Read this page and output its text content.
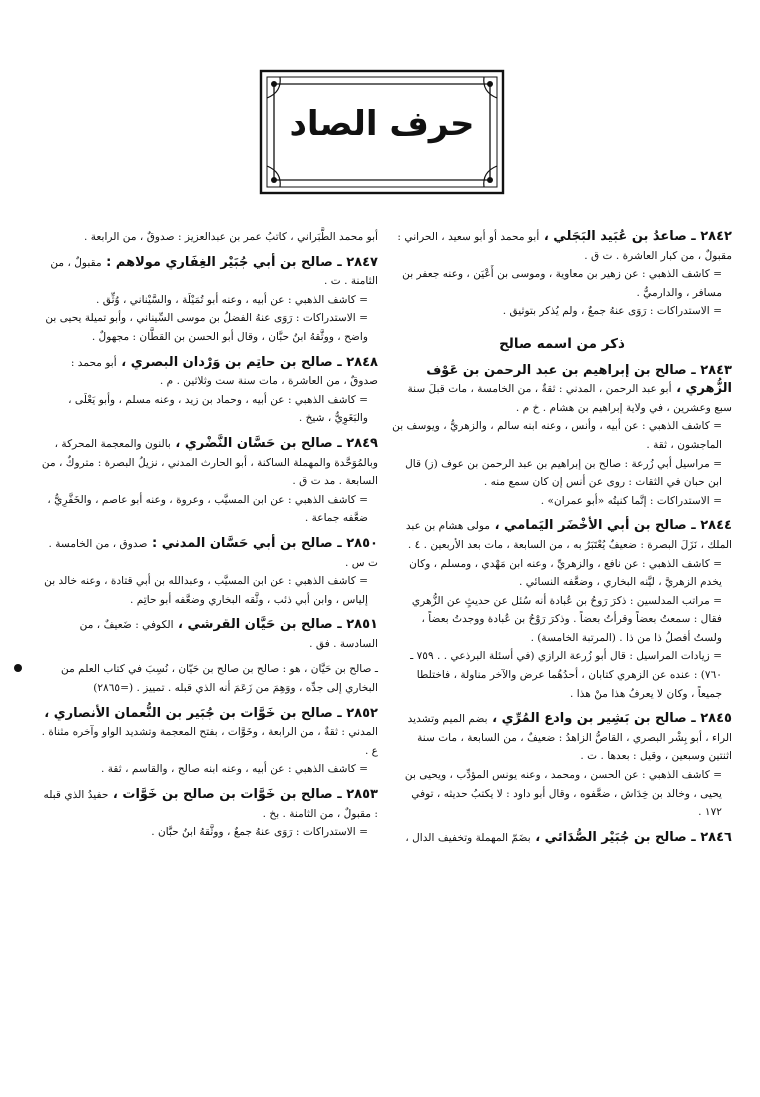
حرف الصاد

٢٨٤٢ ـ صاعدُ بن عُبَيد البَجَلي ، أبو محمد أو أبو سعيد ، الحراني : مقبولٌ ، من كبار العاشرة . ت ق .

= كاشف الذهبي : عن زهير بن معاوية ، وموسى بن أَعْيَن ، وعنه جعفر بن مسافر ، والدارميُّ .

= الاستدراكات : رَوَى عنهُ جمعٌ ، ولم يُذكر بتوثيق .

ذكر من اسمه صالح

٢٨٤٣ ـ صالح بن إبراهيم بن عبد الرحمن بن عَوْف الزُّهري ، أبو عبد الرحمن ، المدني : ثقةٌ ، من الخامسة ، مات قبلَ سنة سبع وعشرين ، في ولاية إبراهيم بن هشام . خ م .

= كاشف الذهبي : عن أبيه ، وأنس ، وعنه ابنه سالم ، والزهريُّ ، ويوسف بن الماجشون ، ثقة .

= مراسيل أبي زُرعة : صالح بن إبراهيم بن عبد الرحمن بن عوف (ز) قال ابن حبان في الثقات : روى عن أنس إن كان سمع منه .

= الاستدراكات : إنَّما كنيتُه «أبو عمران» .

٢٨٤٤ ـ صالح بن أبي الأخْضَر اليَمامي ، مولى هشام بن عبد الملك ، نَزَلَ البصرة : ضعيفٌ يُعْتَبَرُ به ، من السابعة ، مات بعد الأربعين . ٤ .

= كاشف الذهبي : عن نافع ، والزهريِّ ، وعنه ابن مَهْدي ، ومسلم ، وكان يخدم الزهريَّ ، ليَّنه البخاري ، وضعَّفه النسائي .

= مراتب المدلسين : ذكرَ رَوحُ بن عُبادة أنه سُئل عن حديثٍ عن الزُّهري فقال : سمعتُ بعضاً وقرأتُ بعضاً . وذكرَ رَوْحُ بن عُبادة ووجدتُ بعضاً ، ولستُ أفصلُ ذا من ذا . (المرتبة الخامسة) .

= زيادات المراسيل : قال أبو زُرعة الرازي (في أسئلة البرذعي . . ٧٥٩ ـ ٧٦٠) : عنده عن الزهري كتابان ، أحدُهُما عرض والآخر مناولة ، فاختلطا جميعاً ، وكان لا يعرفُ هذا منْ هذا .

٢٨٤٥ ـ صالح بن بَشِير بن وادع المُرِّي ، بضم الميم وتشديد الراء ، أبو بِشْر البصري ، القاصُّ الزاهدُ : ضعيفٌ ، من السابعة ، مات سنة اثنتين وسبعين ، وقيل : بعدها . ت .

= كاشف الذهبي : عن الحسن ، ومحمد ، وعنه يونس المؤدِّب ، ويحيى بن يحيى ، وخالد بن خِدَاش ، ضعَّفوه ، وقال أبو داود : لا يكتبُ حديثه ، توفي ١٧٢ .

٢٨٤٦ ـ صالح بن جُبَيْر الصُّدَائي ، بضَمّ المهملة وتخفيف الدال ،

أبو محمد الطَّبَراني ، كاتبُ عمر بن عبدالعزيز : صدوقٌ ، من الرابعة .

٢٨٤٧ ـ صالح بن أبي جُبَيْر الغِفَاري مولاهم : مقبولٌ ، من الثامنة . ت .

= كاشف الذهبي : عن أبيه ، وعنه أبو تُمَيْلَة ، والسَّيْناني ، وُثِّق .

= الاستدراكات : رَوَى عنهُ الفضلُ بن موسى السِّيناني ، وأبو تميلة يحيى بن واضح ، ووثَّقهُ ابنُ حبَّان ، وقال أبو الحسن بن القطَّان : مجهولٌ .

٢٨٤٨ ـ صالح بن حاتِم بن وَرْدان البصري ، أبو محمد : صدوقٌ ، من العاشرة ، مات سنة ست وثلاثين . م .

= كاشف الذهبي : عن أبيه ، وحماد بن زيد ، وعنه مسلم ، وأبو يَعْلَى ، والبَغَوِيُّ ، شيخ .

٢٨٤٩ ـ صالح بن حَسَّان النَّضْري ، بالنون والمعجمة المحركة ، وبالمُوَحَّدة والمهملة الساكنة ، أبو الحارث المدني ، نزيلُ البصرة : متروكٌ ، من السابعة . مد ت ق .

= كاشف الذهبي : عن ابن المسيَّب ، وعروة ، وعنه أبو عاصم ، والخَفَّرِيُّ ، ضعَّفه جماعة .

٢٨٥٠ ـ صالح بن أبي حَسَّان المدني : صدوق ، من الخامسة . ت س .

= كاشف الذهبي : عن ابن المسيَّب ، وعبدالله بن أبي قتادة ، وعنه خالد بن إلياس ، وابن أبي ذئب ، وثَّقه البخاري وضعَّفه أبو حاتِم .

٢٨٥١ ـ صالح بن حَيَّان القرشي ، الكوفي : ضَعيفٌ ، من السادسة . فق .

ـ صالح بن حَيَّان ، هو : صالح بن صالح بن حَيّان ، نُسِبَ في كتاب العلم من البخاري إلى جدِّه ، ووَهِمَ من زَعَمَ أنه الذي قبله . تمييز . (=٢٨٦٥)

٢٨٥٢ ـ صالح بن خَوَّات بن جُبَير بن النُّعمان الأنصاري ، المدني : ثقةٌ ، من الرابعة ، وخَوَّات ، بفتح المعجمة وتشديد الواو وآخره مثناة . ع .

= كاشف الذهبي : عن أبيه ، وعنه ابنه صالح ، والقاسم ، ثقة .

٢٨٥٣ ـ صالح بن خَوَّات بن صالح بن خَوَّات ، حفيدُ الذي قبله : مقبولٌ ، من الثامنة . بخ .

= الاستدراكات : رَوَى عنهُ جمعٌ ، ووثَّقهُ ابنُ حبَّان .
